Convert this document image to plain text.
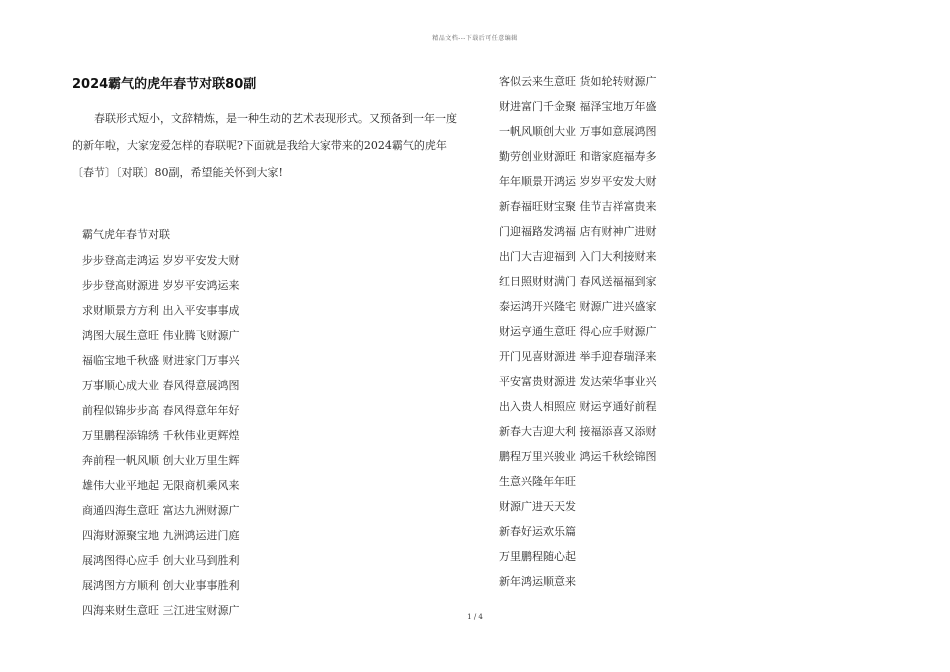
精品文档---下载后可任意编辑
2024霸气的虎年春节对联80副

春联形式短小，文辞精炼，是一种生动的艺术表现形式。又预备到一年一度的新年啦，大家宠爱怎样的春联呢?下面就是我给大家带来的2024霸气的虎年〔春节〕〔对联〕80副，希望能关怀到大家!

霸气虎年春节对联
步步登高走鸿运 岁岁平安发大财
步步登高财源进 岁岁平安鸿运来
求财顺景方方利 出入平安事事成
鸿图大展生意旺 伟业腾飞财源广
福临宝地千秋盛 财进家门万事兴
万事顺心成大业 春风得意展鸿图
前程似锦步步高 春风得意年年好
万里鹏程添锦绣 千秋伟业更辉煌
奔前程一帆风顺 创大业万里生辉
雄伟大业平地起 无限商机乘风来
商通四海生意旺 富达九洲财源广
四海财源聚宝地 九洲鸿运进门庭
展鸿图得心应手 创大业马到胜利
展鸿图方方顺利 创大业事事胜利
四海来财生意旺 三江进宝财源广
客似云来生意旺 货如轮转财源广
财进富门千金聚 福泽宝地万年盛
一帆风顺创大业 万事如意展鸿图
勤劳创业财源旺 和谐家庭福寿多
年年顺景开鸿运 岁岁平安发大财
新春福旺财宝聚 佳节吉祥富贵来
门迎福路发鸿福 店有财神广进财
出门大吉迎福到 入门大利接财来
红日照财财满门 春风送福福到家
泰运鸿开兴隆宅 财源广进兴盛家
财运亨通生意旺 得心应手财源广
开门见喜财源进 举手迎春瑞泽来
平安富贵财源进 发达荣华事业兴
出入贵人相照应 财运亨通好前程
新春大吉迎大利 接福添喜又添财
鹏程万里兴骏业 鸿运千秋绘锦图
生意兴隆年年旺
财源广进天天发
新春好运欢乐篇
万里鹏程随心起
新年鸿运顺意来
1 / 4
